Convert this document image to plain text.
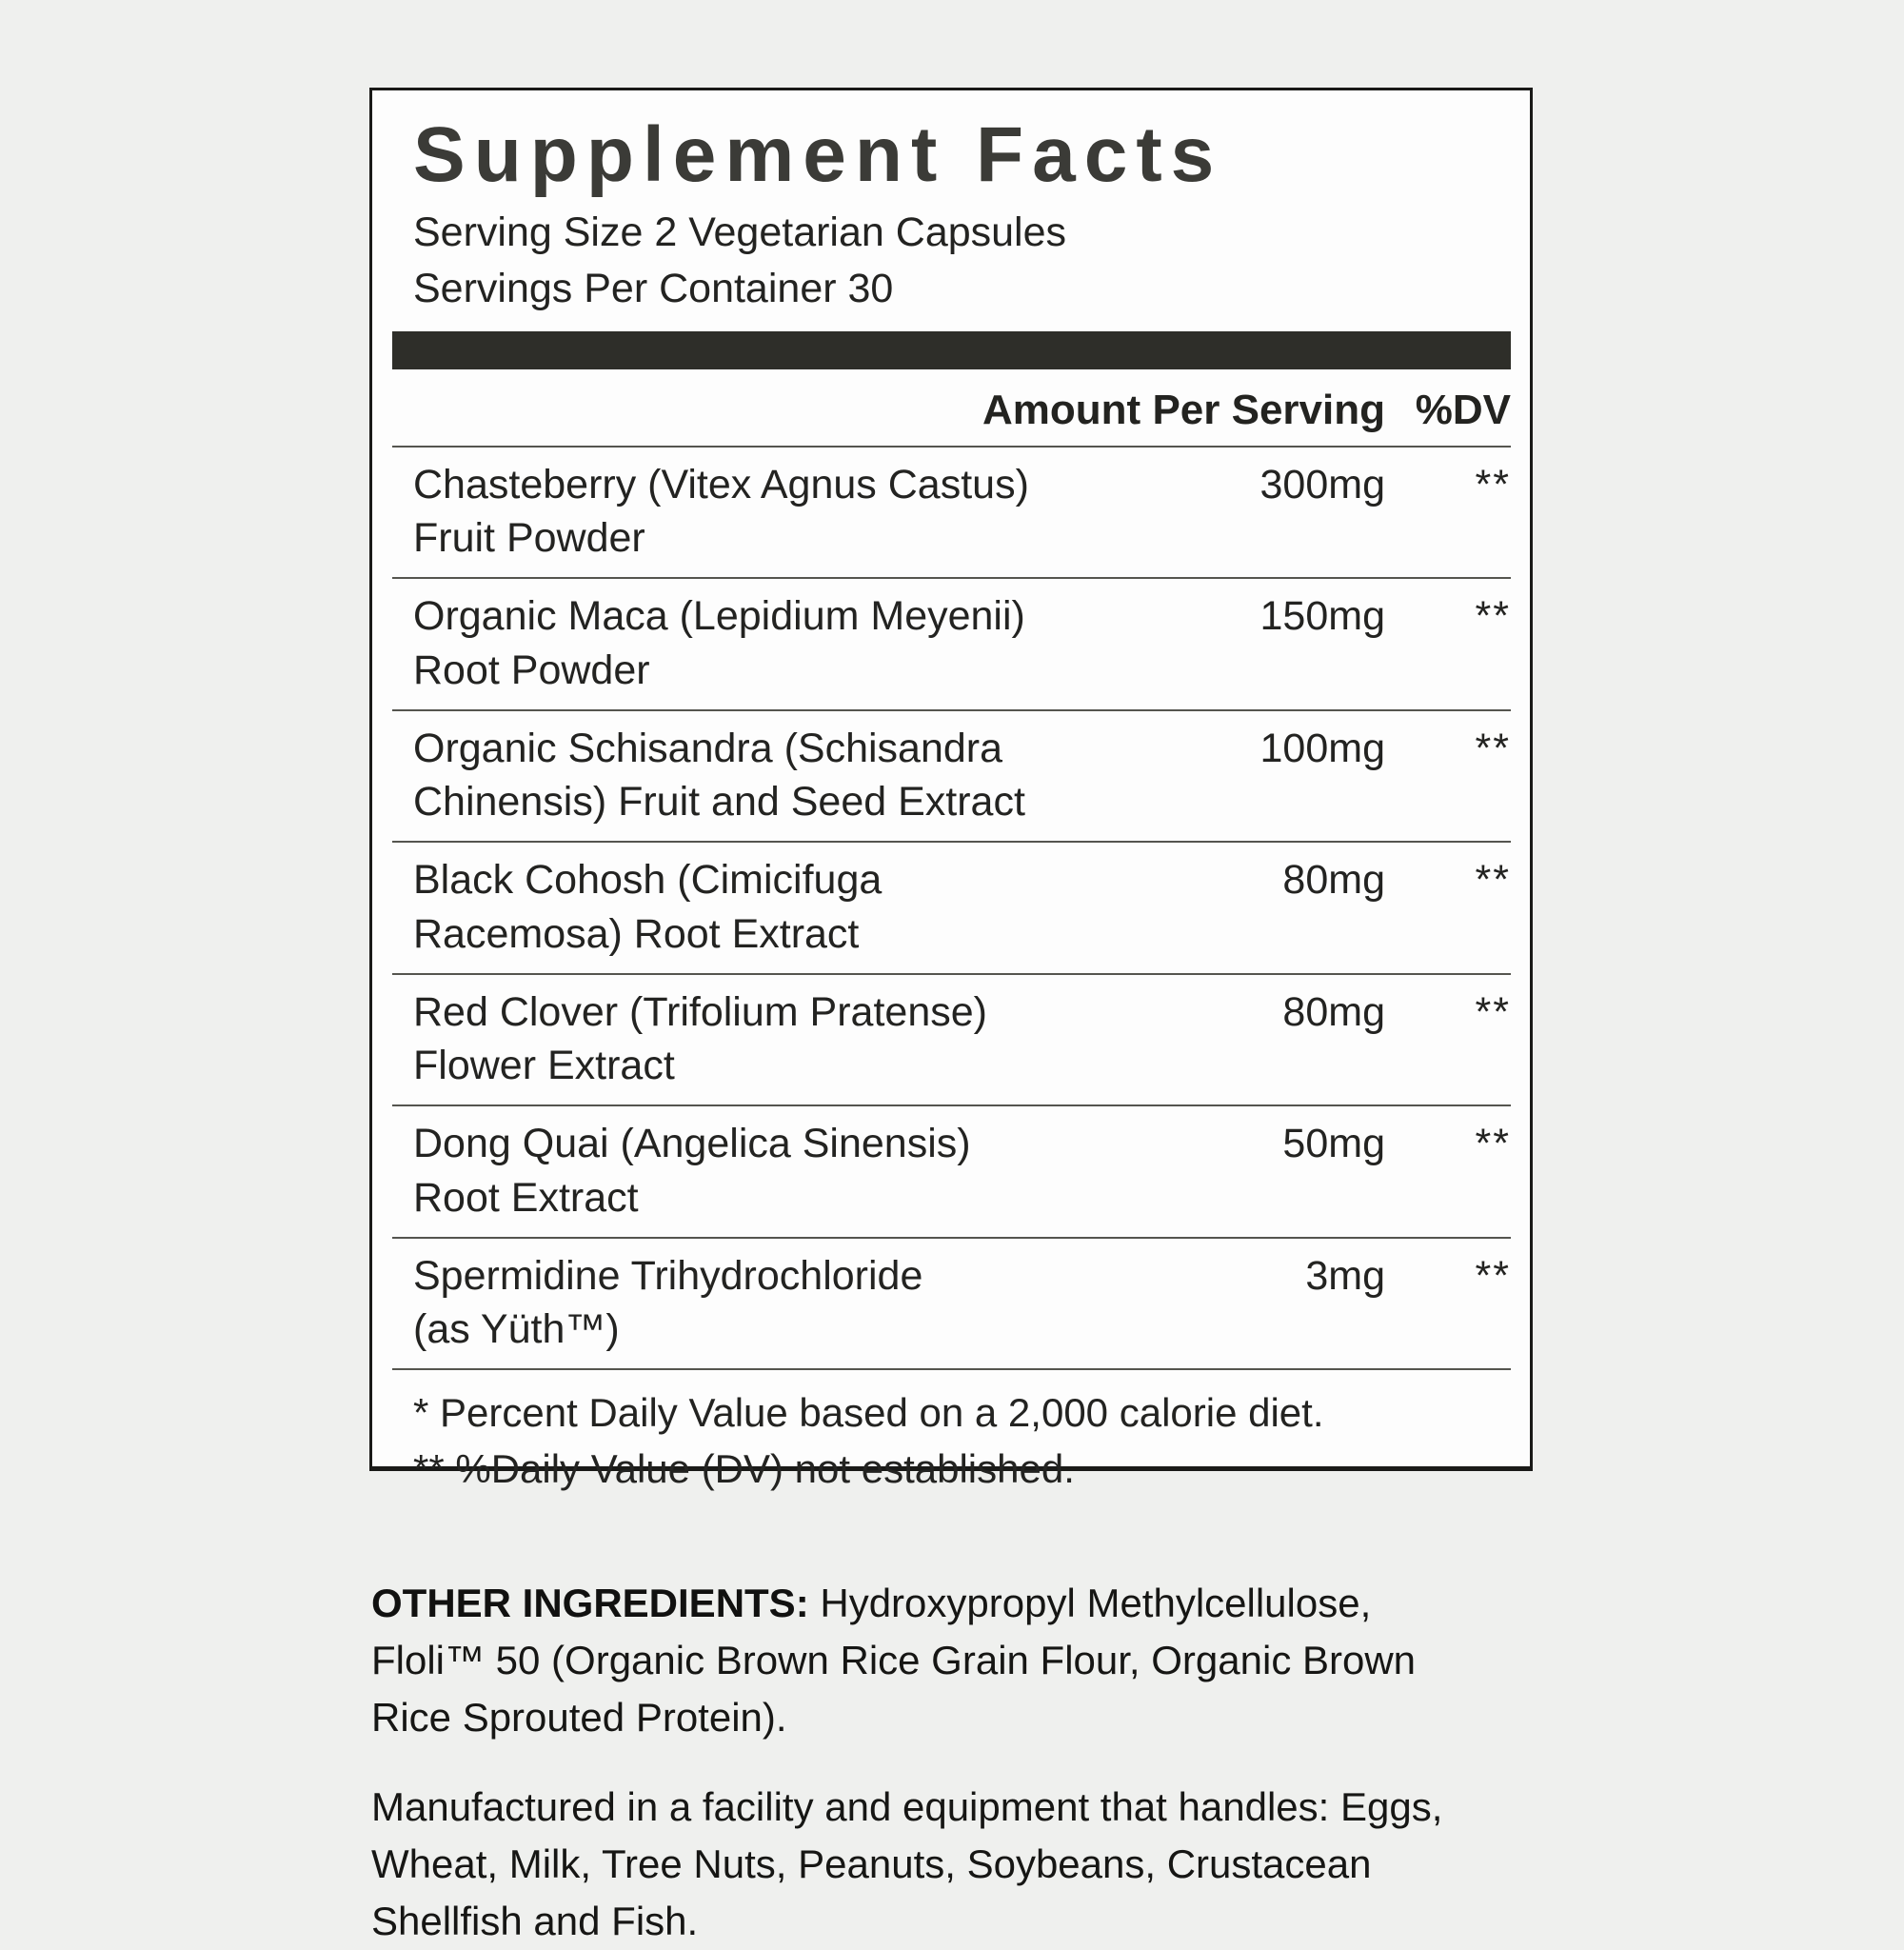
Supplement Facts
Serving Size 2 Vegetarian Capsules
Servings Per Container 30
Amount Per Serving %DV
Chasteberry (Vitex Agnus Castus)
Fruit Powder
300mg	**
Organic Maca (Lepidium Meyenii)
Root Powder
150mg	**
Organic Schisandra (Schisandra
Chinensis) Fruit and Seed Extract
100mg	**
Black Cohosh (Cimicifuga
Racemosa) Root Extract
80mg	**
Red Clover (Trifolium Pratense)
Flower Extract
80mg	**
Dong Quai (Angelica Sinensis)
Root Extract
50mg	**
Spermidine Trihydrochloride
(as Yüth™)
3mg	**
* Percent Daily Value based on a 2,000 calorie diet.
** %Daily Value (DV) not established.

OTHER INGREDIENTS: Hydroxypropyl Methylcellulose,
Floli™ 50 (Organic Brown Rice Grain Flour, Organic Brown
Rice Sprouted Protein).

Manufactured in a facility and equipment that handles: Eggs,
Wheat, Milk, Tree Nuts, Peanuts, Soybeans, Crustacean
Shellfish and Fish.
